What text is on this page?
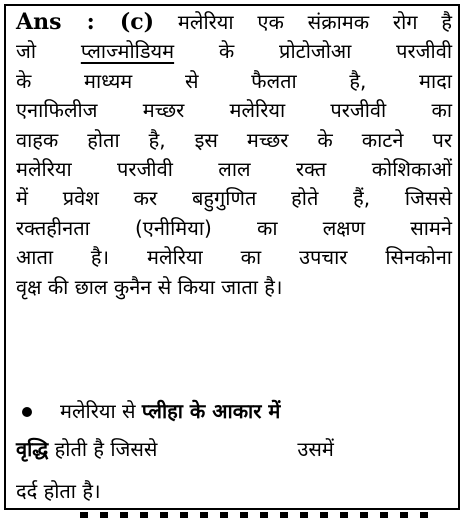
Ans : (c) मलेरिया एक संक्रामक रोग है
जो प्लाज्मोडियम के प्रोटोजोआ परजीवी
के माध्यम से फैलता है, मादा
एनाफिलीज मच्छर मलेरिया परजीवी का
वाहक होता है, इस मच्छर के काटने पर
मलेरिया परजीवी लाल रक्त कोशिकाओं
में प्रवेश कर बहुगुणित होते हैं, जिससे
रक्तहीनता (एनीमिया) का लक्षण सामने
आता है। मलेरिया का उपचार सिनकोना
वृक्ष की छाल कुनैन से किया जाता है।
मलेरिया से प्लीहा के आकार में
वृद्धि होती है जिससे	उसमें
दर्द होता है।
